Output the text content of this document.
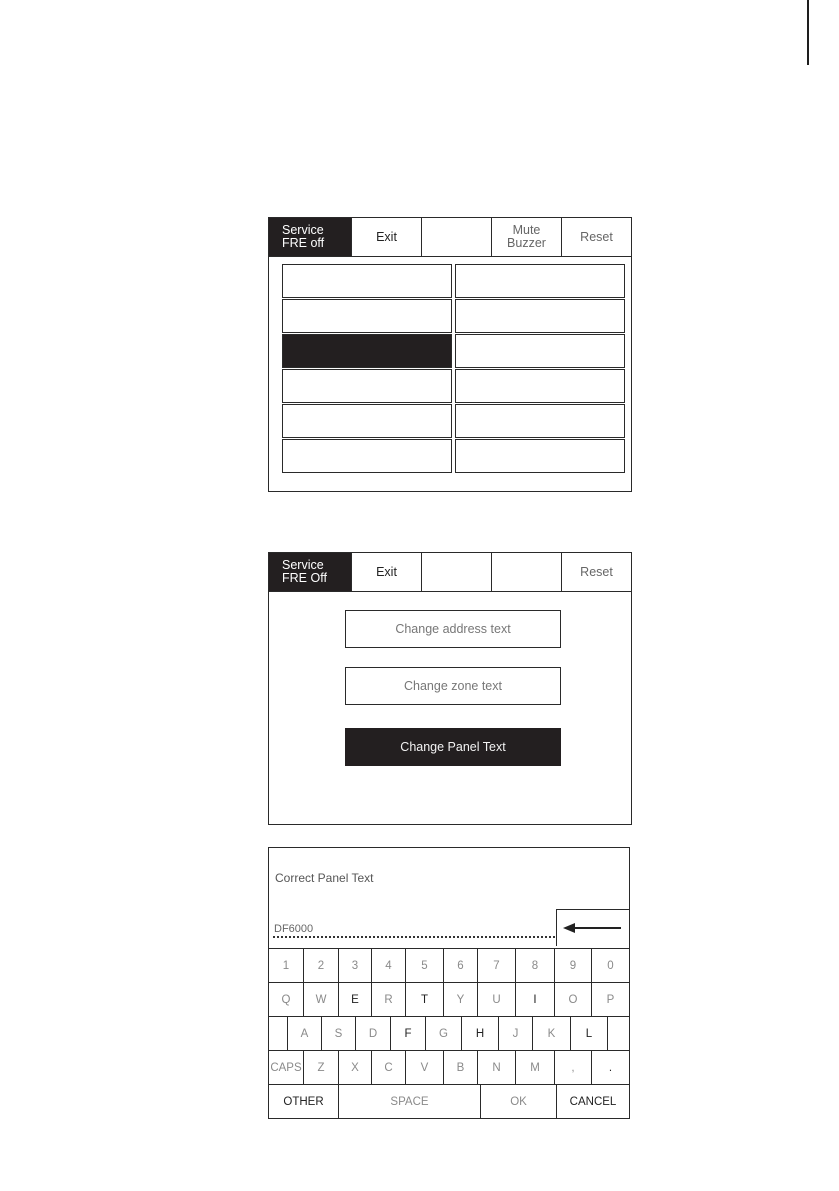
Service
FRE off	Exit	Mute
Buzzer	Reset
Service
FRE Off	Exit	Reset
Change address text
Change zone text
Change Panel Text
Correct Panel Text
DF6000
1	2	3	4	5	6	7	8	9	0
Q	W	E	R	T	Y	U	I	O	P
A	S	D	F	G	H	J	K	L
CAPS	Z	X	C	V	B	N	M	,	.
OTHER	SPACE	OK	CANCEL
